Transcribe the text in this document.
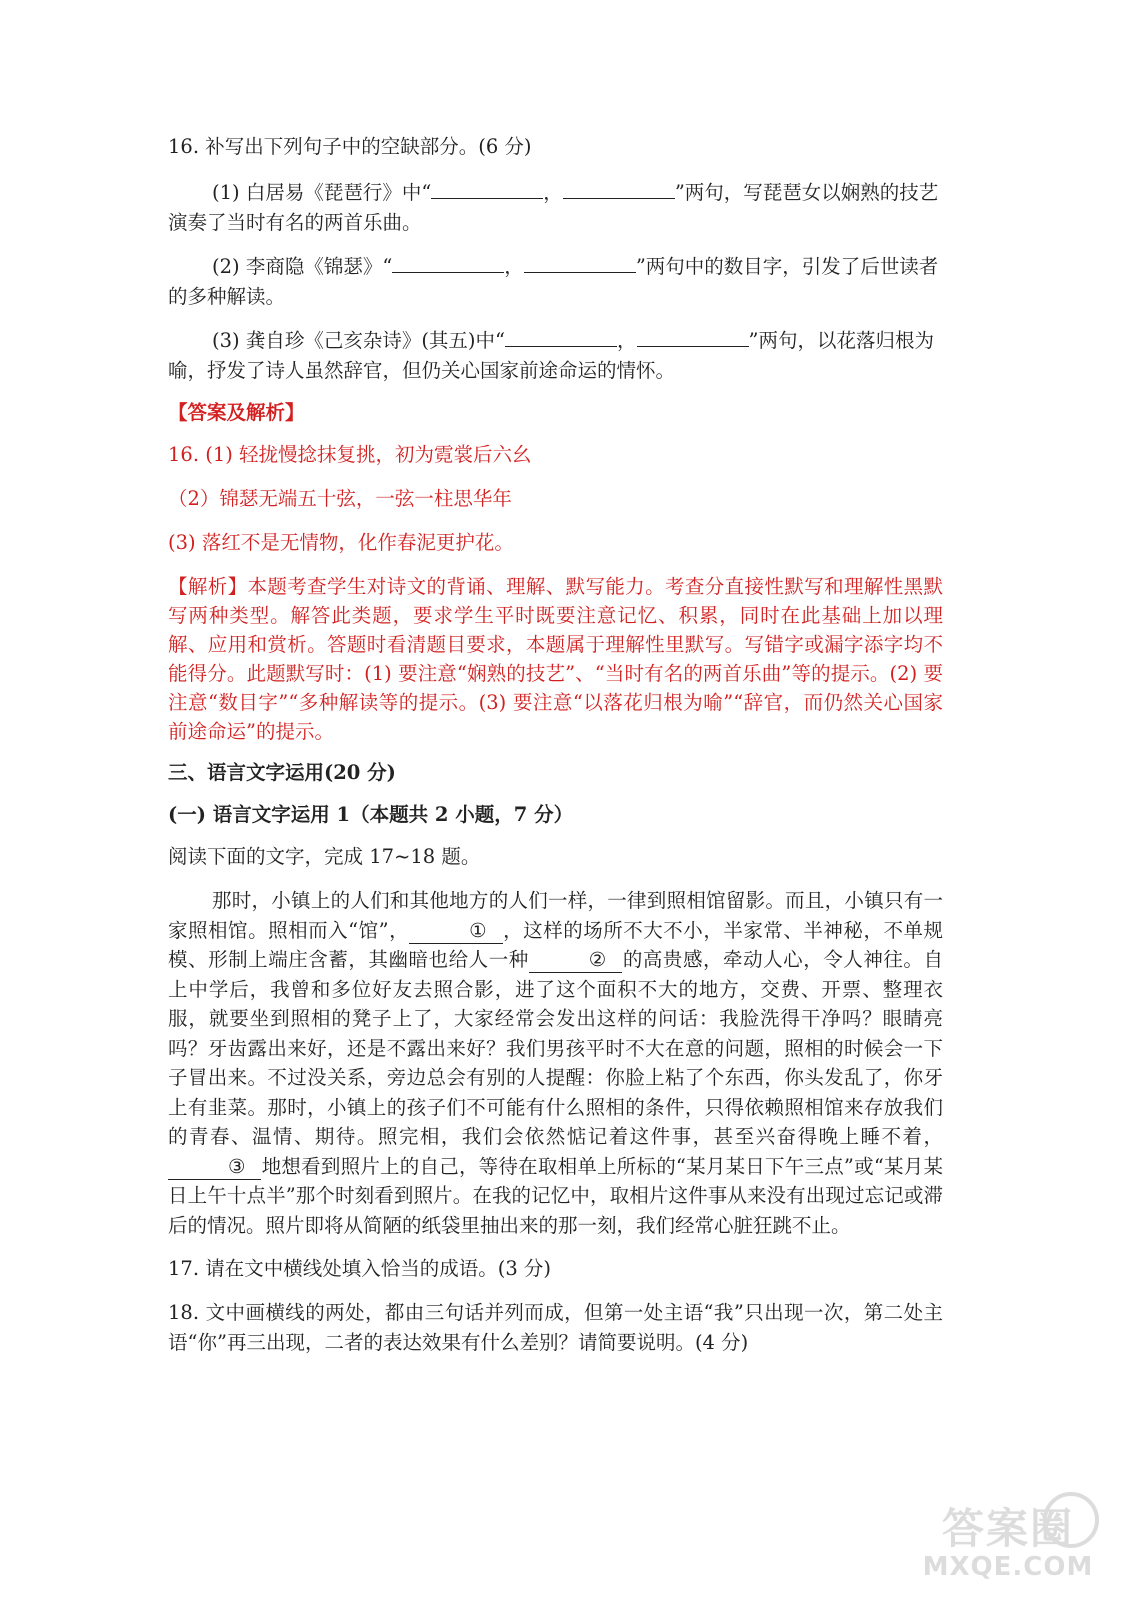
16. 补写出下列句子中的空缺部分。(6 分)

(1) 白居易《琵琶行》中“	，	”两句，写琵琶女以娴熟的技艺演奏了当时有名的两首乐曲。

(2) 李商隐《锦瑟》“	，	”两句中的数目字，引发了后世读者的多种解读。

(3) 龚自珍《己亥杂诗》(其五)中“	，	”两句，以花落归根为喻，抒发了诗人虽然辞官，但仍关心国家前途命运的情怀。

【答案及解析】

16. (1) 轻拢慢捻抹复挑，初为霓裳后六幺

（2）锦瑟无端五十弦，一弦一柱思华年

(3) 落红不是无情物，化作春泥更护花。

【解析】本题考查学生对诗文的背诵、理解、默写能力。考查分直接性默写和理解性黑默写两种类型。解答此类题，要求学生平时既要注意记忆、积累，同时在此基础上加以理解、应用和赏析。答题时看清题目要求，本题属于理解性里默写。写错字或漏字添字均不能得分。此题默写时：(1) 要注意“娴熟的技艺”、“当时有名的两首乐曲”等的提示。(2) 要注意“数目字”“多种解读等的提示。(3) 要注意“以落花归根为喻”“辞官，而仍然关心国家前途命运”的提示。

三、语言文字运用(20 分)

(一) 语言文字运用 1（本题共 2 小题，7 分）

阅读下面的文字，完成 17~18 题。

那时，小镇上的人们和其他地方的人们一样，一律到照相馆留影。而且，小镇只有一家照相馆。照相而入“馆”，	① ，这样的场所不大不小，半家常、半神秘，不单规模、形制上端庄含蓄，其幽暗也给人一种	② 的高贵感，牵动人心，令人神往。自上中学后，我曾和多位好友去照合影，进了这个面积不大的地方，交费、开票、整理衣服，就要坐到照相的凳子上了，大家经常会发出这样的问话：我脸洗得干净吗？眼睛亮吗？牙齿露出来好，还是不露出来好？我们男孩平时不大在意的问题，照相的时候会一下子冒出来。不过没关系，旁边总会有别的人提醒：你脸上粘了个东西，你头发乱了，你牙上有韭菜。那时，小镇上的孩子们不可能有什么照相的条件，只得依赖照相馆来存放我们的青春、温情、期待。照完相，我们会依然惦记着这件事，甚至兴奋得晚上睡不着，③ 地想看到照片上的自己，等待在取相单上所标的“某月某日下午三点”或“某月某日上午十点半”那个时刻看到照片。在我的记忆中，取相片这件事从来没有出现过忘记或滞后的情况。照片即将从简陋的纸袋里抽出来的那一刻，我们经常心脏狂跳不止。

17. 请在文中横线处填入恰当的成语。(3 分)

18. 文中画横线的两处，都由三句话并列而成，但第一处主语“我”只出现一次，第二处主语“你”再三出现，二者的表达效果有什么差别？请简要说明。(4 分)

答案圈
MXQE.COM
